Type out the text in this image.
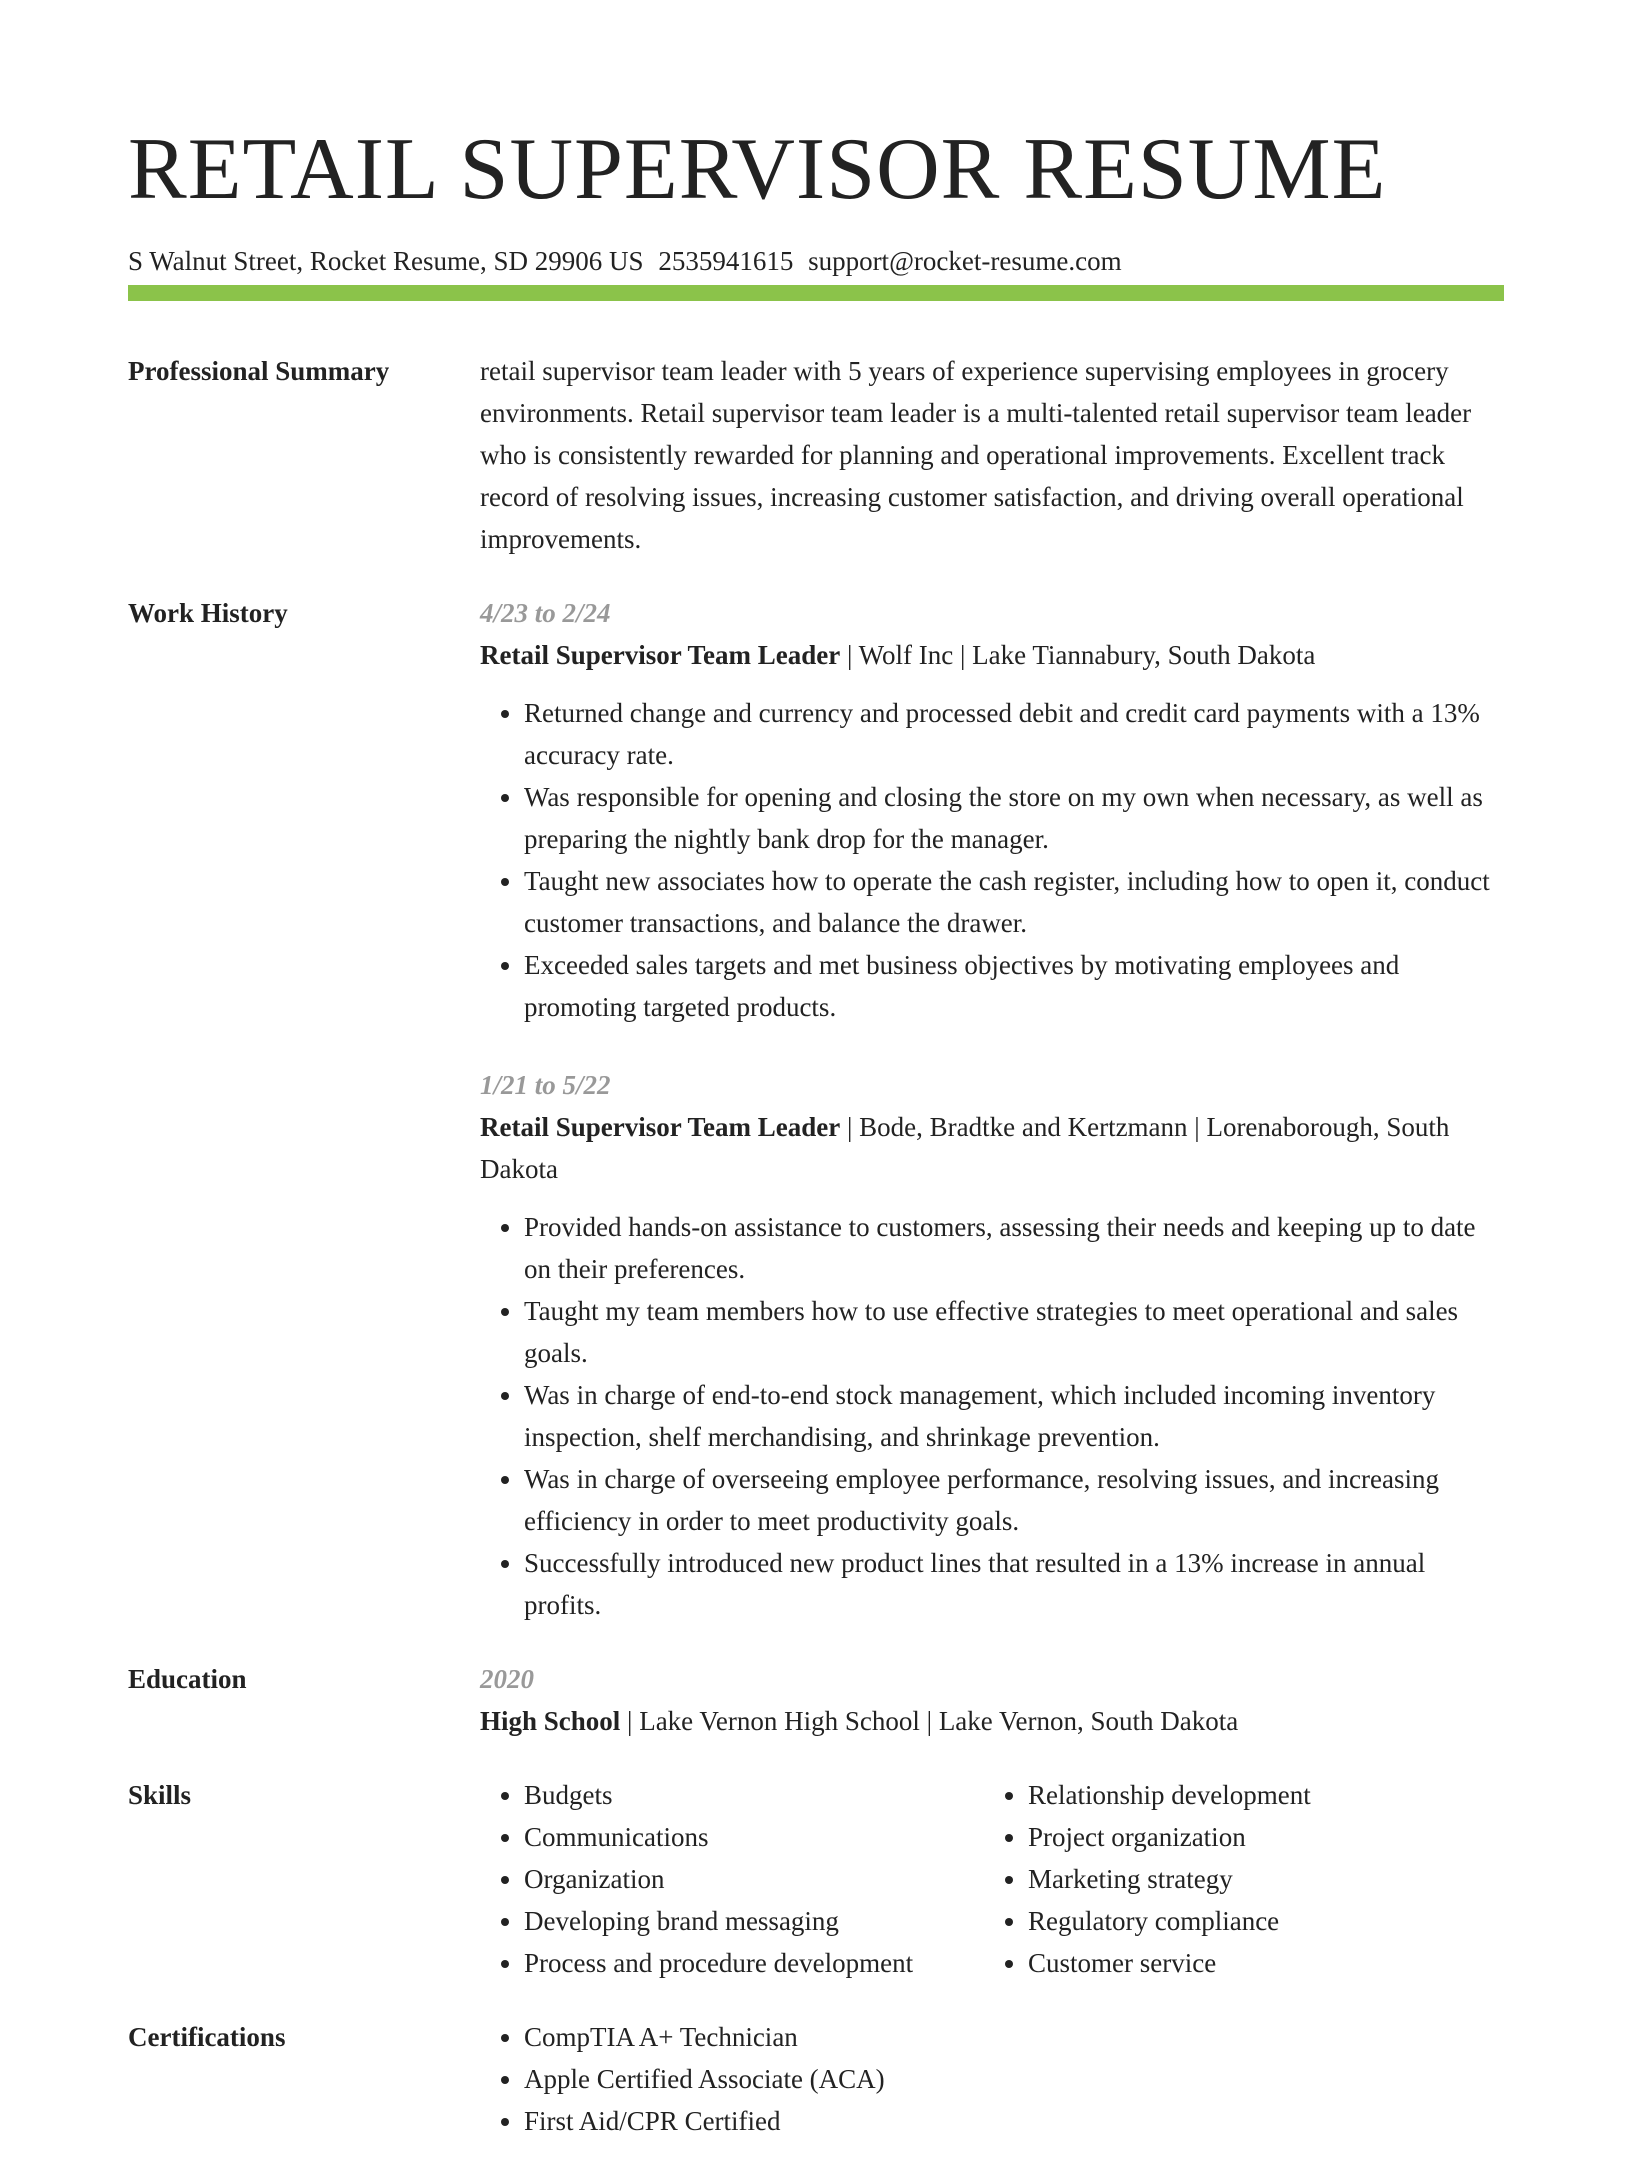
RETAIL SUPERVISOR RESUME
S Walnut Street, Rocket Resume, SD 29906 US 2535941615 support@rocket-resume.com
Professional Summary	retail supervisor team leader with 5 years of experience supervising employees in grocery environments. Retail supervisor team leader is a multi-talented retail supervisor team leader who is consistently rewarded for planning and operational improvements. Excellent track record of resolving issues, increasing customer satisfaction, and driving overall operational improvements.

Work History	4/23 to 2/24
Retail Supervisor Team Leader | Wolf Inc | Lake Tiannabury, South Dakota
• Returned change and currency and processed debit and credit card payments with a 13% accuracy rate.
• Was responsible for opening and closing the store on my own when necessary, as well as preparing the nightly bank drop for the manager.
• Taught new associates how to operate the cash register, including how to open it, conduct customer transactions, and balance the drawer.
• Exceeded sales targets and met business objectives by motivating employees and promoting targeted products.
1/21 to 5/22
Retail Supervisor Team Leader | Bode, Bradtke and Kertzmann | Lorenaborough, South Dakota
• Provided hands-on assistance to customers, assessing their needs and keeping up to date on their preferences.
• Taught my team members how to use effective strategies to meet operational and sales goals.
• Was in charge of end-to-end stock management, which included incoming inventory inspection, shelf merchandising, and shrinkage prevention.
• Was in charge of overseeing employee performance, resolving issues, and increasing efficiency in order to meet productivity goals.
• Successfully introduced new product lines that resulted in a 13% increase in annual profits.
Education	2020
High School | Lake Vernon High School | Lake Vernon, South Dakota
Skills	• Budgets
• Communications
• Organization
• Developing brand messaging
• Process and procedure development
• Relationship development
• Project organization
• Marketing strategy
• Regulatory compliance
• Customer service
Certifications	• CompTIA A+ Technician
• Apple Certified Associate (ACA)
• First Aid/CPR Certified
